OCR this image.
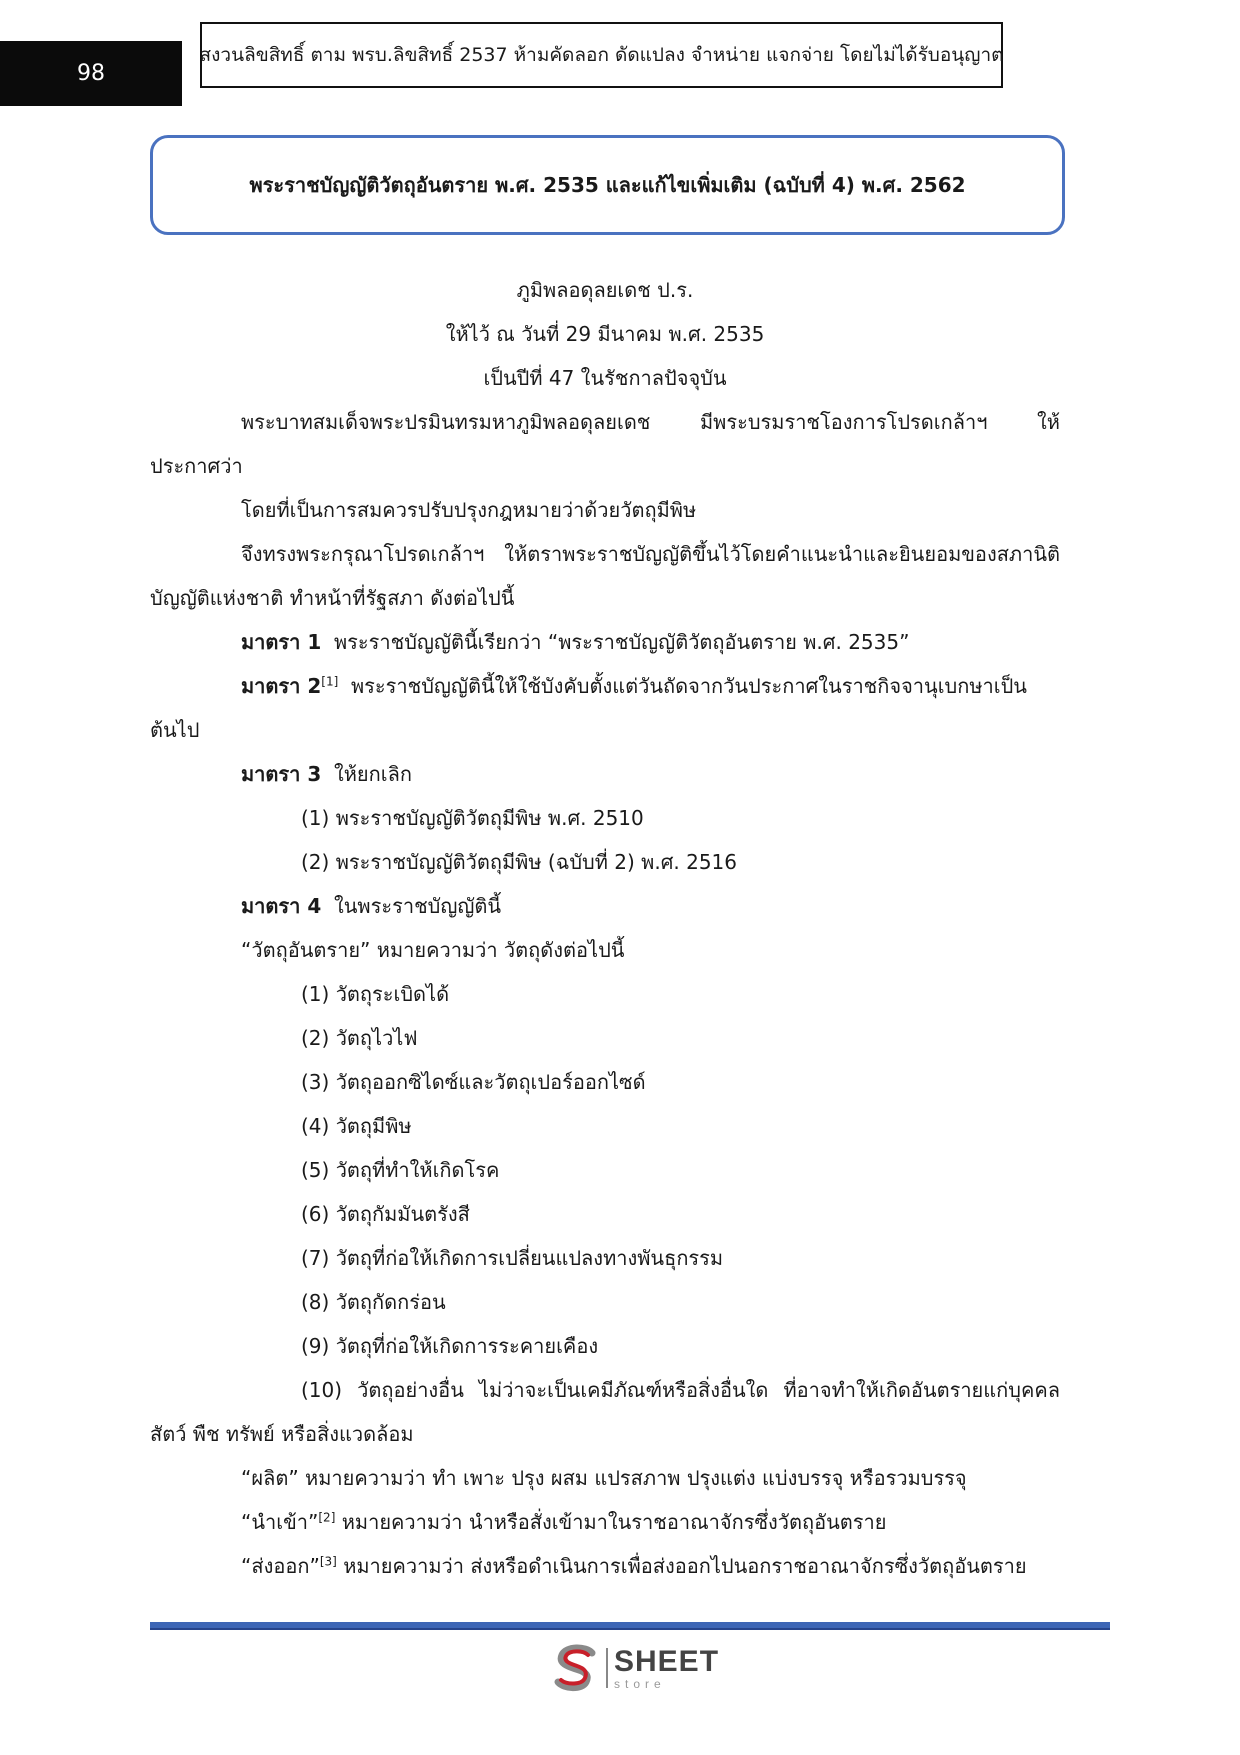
98
สงวนลิขสิทธิ์ ตาม พรบ.ลิขสิทธิ์ 2537 ห้ามคัดลอก ดัดแปลง จำหน่าย แจกจ่าย โดยไม่ได้รับอนุญาต
พระราชบัญญัติวัตถุอันตราย พ.ศ. 2535 และแก้ไขเพิ่มเติม (ฉบับที่ 4) พ.ศ. 2562
ภูมิพลอดุลยเดช ป.ร.
ให้ไว้ ณ วันที่ 29 มีนาคม พ.ศ. 2535
เป็นปีที่ 47 ในรัชกาลปัจจุบัน
พระบาทสมเด็จพระปรมินทรมหาภูมิพลอดุลยเดช มีพระบรมราชโองการโปรดเกล้าฯ ให้
ประกาศว่า
โดยที่เป็นการสมควรปรับปรุงกฎหมายว่าด้วยวัตถุมีพิษ
จึงทรงพระกรุณาโปรดเกล้าฯ ให้ตราพระราชบัญญัติขึ้นไว้โดยคำแนะนำและยินยอมของสภานิติ
บัญญัติแห่งชาติ ทำหน้าที่รัฐสภา ดังต่อไปนี้
มาตรา 1 พระราชบัญญัตินี้เรียกว่า “พระราชบัญญัติวัตถุอันตราย พ.ศ. 2535”
มาตรา 2[1] พระราชบัญญัตินี้ให้ใช้บังคับตั้งแต่วันถัดจากวันประกาศในราชกิจจานุเบกษาเป็น
ต้นไป
มาตรา 3 ให้ยกเลิก
(1) พระราชบัญญัติวัตถุมีพิษ พ.ศ. 2510
(2) พระราชบัญญัติวัตถุมีพิษ (ฉบับที่ 2) พ.ศ. 2516
มาตรา 4 ในพระราชบัญญัตินี้
“วัตถุอันตราย” หมายความว่า วัตถุดังต่อไปนี้
(1) วัตถุระเบิดได้
(2) วัตถุไวไฟ
(3) วัตถุออกซิไดซ์และวัตถุเปอร์ออกไซด์
(4) วัตถุมีพิษ
(5) วัตถุที่ทำให้เกิดโรค
(6) วัตถุกัมมันตรังสี
(7) วัตถุที่ก่อให้เกิดการเปลี่ยนแปลงทางพันธุกรรม
(8) วัตถุกัดกร่อน
(9) วัตถุที่ก่อให้เกิดการระคายเคือง
(10) วัตถุอย่างอื่น ไม่ว่าจะเป็นเคมีภัณฑ์หรือสิ่งอื่นใด ที่อาจทำให้เกิดอันตรายแก่บุคคล
สัตว์ พืช ทรัพย์ หรือสิ่งแวดล้อม
“ผลิต” หมายความว่า ทำ เพาะ ปรุง ผสม แปรสภาพ ปรุงแต่ง แบ่งบรรจุ หรือรวมบรรจุ
“นำเข้า”[2] หมายความว่า นำหรือสั่งเข้ามาในราชอาณาจักรซึ่งวัตถุอันตราย
“ส่งออก”[3] หมายความว่า ส่งหรือดำเนินการเพื่อส่งออกไปนอกราชอาณาจักรซึ่งวัตถุอันตราย
SHEET
store
